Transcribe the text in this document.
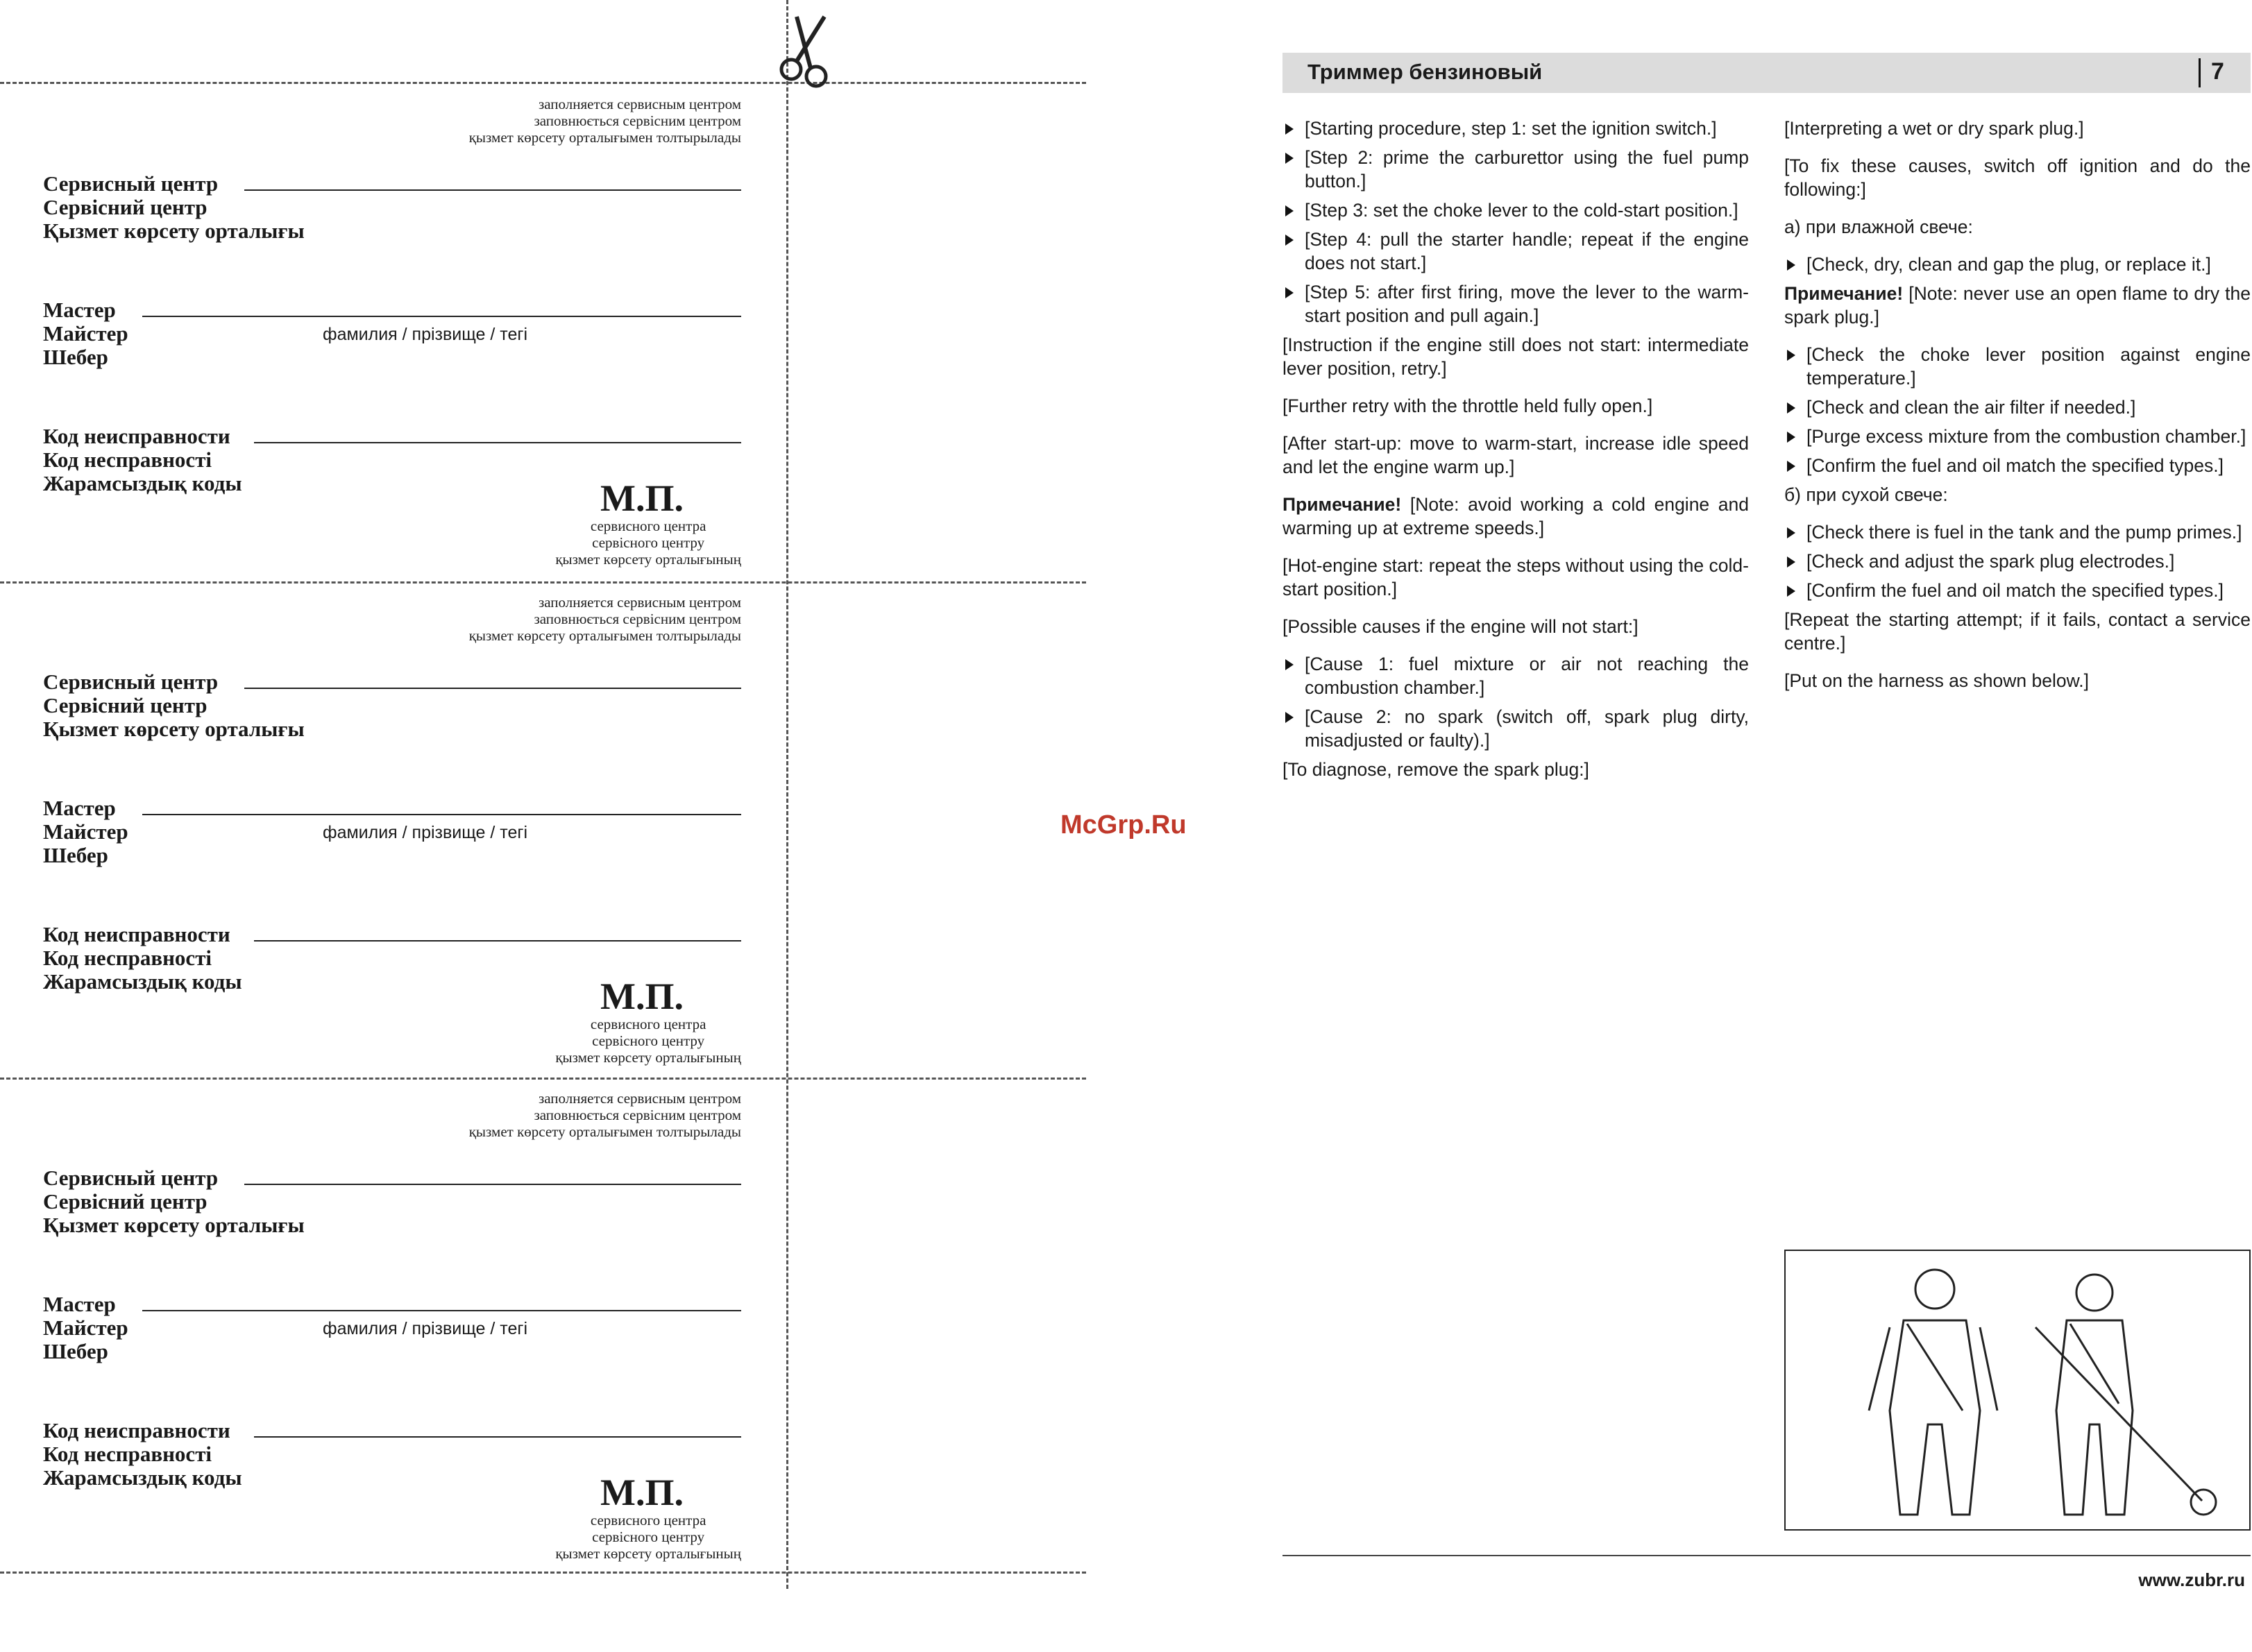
заполняется сервисным центром
заповнюється сервісним центром
қызмет көрсету орталығымен толтырылады
Сервисный центр
Сервісний центр
Қызмет көрсету орталығы
Мастер
Майстер
Шебер
фамилия / прізвище / тегі
Код неисправности
Код несправності
Жарамсыздық коды	М.П.
сервисного центра
сервісного центру
қызмет көрсету орталығының
заполняется сервисным центром
заповнюється сервісним центром
қызмет көрсету орталығымен толтырылады
Сервисный центр
Сервісний центр
Қызмет көрсету орталығы
Мастер
Майстер
Шебер
фамилия / прізвище / тегі
Код неисправности
Код несправності
Жарамсыздық коды	М.П.
сервисного центра
сервісного центру
қызмет көрсету орталығының
заполняется сервисным центром
заповнюється сервісним центром
қызмет көрсету орталығымен толтырылады
Сервисный центр
Сервісний центр
Қызмет көрсету орталығы
Мастер
Майстер
Шебер
фамилия / прізвище / тегі
Код неисправности
Код несправності
Жарамсыздық коды	М.П.
сервисного центра
сервісного центру
қызмет көрсету орталығының
McGrp.Ru
Триммер бензиновый	7
[Starting procedure, step 1: set the ignition switch.]
[Step 2: prime the carburettor using the fuel pump button.]
[Step 3: set the choke lever to the cold-start position.]
[Step 4: pull the starter handle; repeat if the engine does not start.]
[Step 5: after first firing, move the lever to the warm-start position and pull again.]

[Instruction if the engine still does not start: intermediate lever position, retry.]

[Further retry with the throttle held fully open.]

[After start-up: move to warm-start, increase idle speed and let the engine warm up.]

Примечание! [Note: avoid working a cold engine and warming up at extreme speeds.]

[Hot-engine start: repeat the steps without using the cold-start position.]

[Possible causes if the engine will not start:]

[Cause 1: fuel mixture or air not reaching the combustion chamber.]
[Cause 2: no spark (switch off, spark plug dirty, misadjusted or faulty).]

[To diagnose, remove the spark plug:]

[Interpreting a wet or dry spark plug.]

[To fix these causes, switch off ignition and do the following:]

а) при влажной свече:

[Check, dry, clean and gap the plug, or replace it.]

Примечание! [Note: never use an open flame to dry the spark plug.]

[Check the choke lever position against engine temperature.]
[Check and clean the air filter if needed.]
[Purge excess mixture from the combustion chamber.]
[Confirm the fuel and oil match the specified types.]

б) при сухой свече:

[Check there is fuel in the tank and the pump primes.]
[Check and adjust the spark plug electrodes.]
[Confirm the fuel and oil match the specified types.]

[Repeat the starting attempt; if it fails, contact a service centre.]

[Put on the harness as shown below.]

www.zubr.ru
